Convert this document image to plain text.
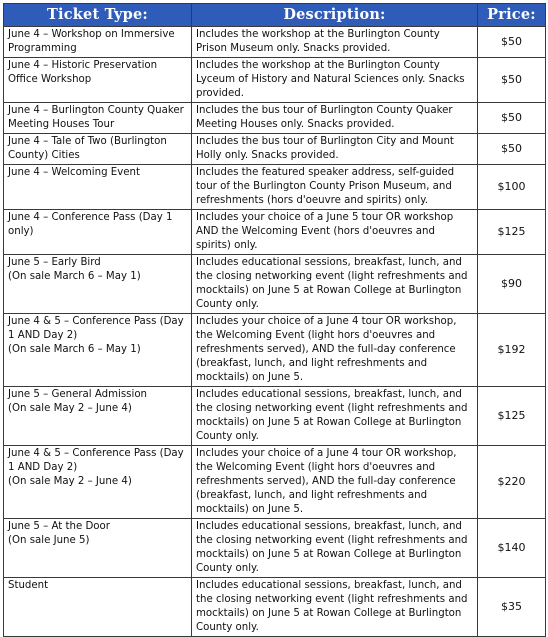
Ticket Type:	Description:	Price:

June 4 – Workshop on Immersive Programming	Includes the workshop at the Burlington County Prison Museum only. Snacks provided.	$50

June 4 – Historic Preservation Office Workshop	Includes the workshop at the Burlington County Lyceum of History and Natural Sciences only. Snacks provided.	$50

June 4 – Burlington County Quaker Meeting Houses Tour	Includes the bus tour of Burlington County Quaker Meeting Houses only. Snacks provided.	$50

June 4 – Tale of Two (Burlington County) Cities	Includes the bus tour of Burlington City and Mount Holly only. Snacks provided.	$50

June 4 – Welcoming Event	Includes the featured speaker address, self-guided tour of the Burlington County Prison Museum, and refreshments (hors d'oeuvre and spirits) only.	$100

June 4 – Conference Pass (Day 1 only)	Includes your choice of a June 5 tour OR workshop AND the Welcoming Event (hors d'oeuvres and spirits) only.	$125

June 5 – Early Bird
(On sale March 6 – May 1)	Includes educational sessions, breakfast, lunch, and the closing networking event (light refreshments and mocktails) on June 5 at Rowan College at Burlington County only.	$90

June 4 & 5 – Conference Pass (Day 1 AND Day 2)
(On sale March 6 – May 1)	Includes your choice of a June 4 tour OR workshop, the Welcoming Event (light hors d'oeuvres and refreshments served), AND the full-day conference (breakfast, lunch, and light refreshments and mocktails) on June 5.	$192

June 5 – General Admission
(On sale May 2 – June 4)	Includes educational sessions, breakfast, lunch, and the closing networking event (light refreshments and mocktails) on June 5 at Rowan College at Burlington County only.	$125

June 4 & 5 – Conference Pass (Day 1 AND Day 2)
(On sale May 2 – June 4)	Includes your choice of a June 4 tour OR workshop, the Welcoming Event (light hors d'oeuvres and refreshments served), AND the full-day conference (breakfast, lunch, and light refreshments and mocktails) on June 5.	$220

June 5 – At the Door
(On sale June 5)	Includes educational sessions, breakfast, lunch, and the closing networking event (light refreshments and mocktails) on June 5 at Rowan College at Burlington County only.	$140

Student	Includes educational sessions, breakfast, lunch, and the closing networking event (light refreshments and mocktails) on June 5 at Rowan College at Burlington County only.	$35
